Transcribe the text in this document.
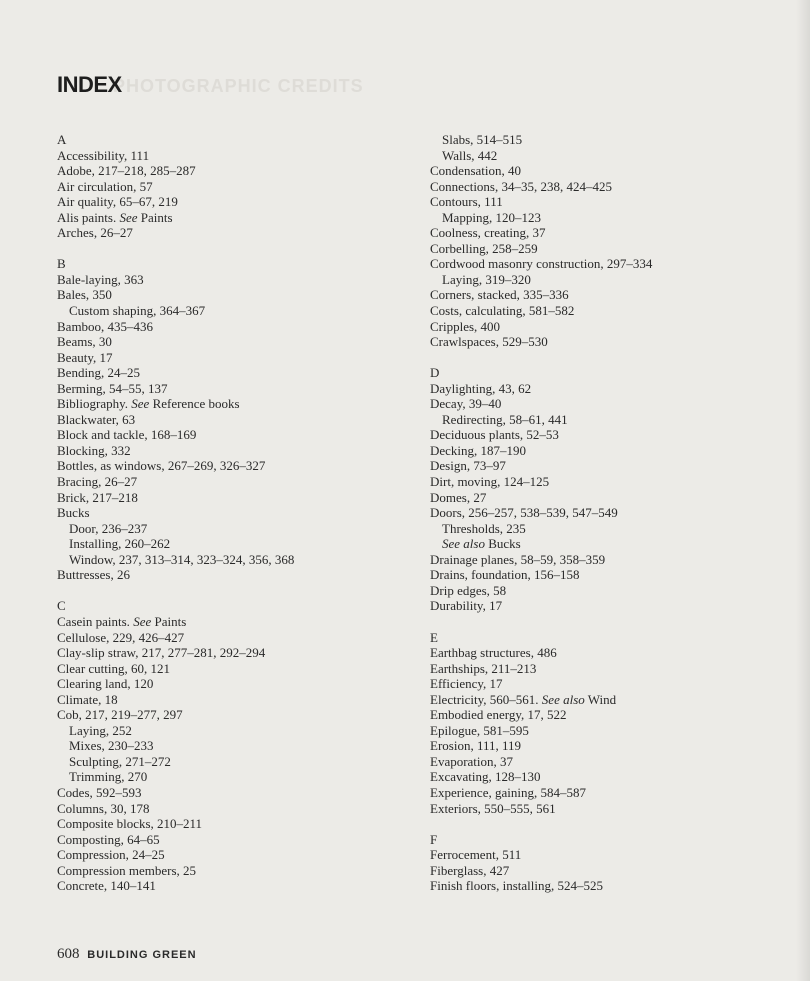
PHOTOGRAPHIC CREDITS
INDEX
A
Accessibility, 111
Adobe, 217–218, 285–287
Air circulation, 57
Air quality, 65–67, 219
Alis paints. See Paints
Arches, 26–27
B
Bale-laying, 363
Bales, 350
Custom shaping, 364–367
Bamboo, 435–436
Beams, 30
Beauty, 17
Bending, 24–25
Berming, 54–55, 137
Bibliography. See Reference books
Blackwater, 63
Block and tackle, 168–169
Blocking, 332
Bottles, as windows, 267–269, 326–327
Bracing, 26–27
Brick, 217–218
Bucks
Door, 236–237
Installing, 260–262
Window, 237, 313–314, 323–324, 356, 368
Buttresses, 26
C
Casein paints. See Paints
Cellulose, 229, 426–427
Clay-slip straw, 217, 277–281, 292–294
Clear cutting, 60, 121
Clearing land, 120
Climate, 18
Cob, 217, 219–277, 297
Laying, 252
Mixes, 230–233
Sculpting, 271–272
Trimming, 270
Codes, 592–593
Columns, 30, 178
Composite blocks, 210–211
Composting, 64–65
Compression, 24–25
Compression members, 25
Concrete, 140–141
Slabs, 514–515
Walls, 442
Condensation, 40
Connections, 34–35, 238, 424–425
Contours, 111
Mapping, 120–123
Coolness, creating, 37
Corbelling, 258–259
Cordwood masonry construction, 297–334
Laying, 319–320
Corners, stacked, 335–336
Costs, calculating, 581–582
Cripples, 400
Crawlspaces, 529–530
D
Daylighting, 43, 62
Decay, 39–40
Redirecting, 58–61, 441
Deciduous plants, 52–53
Decking, 187–190
Design, 73–97
Dirt, moving, 124–125
Domes, 27
Doors, 256–257, 538–539, 547–549
Thresholds, 235
See also Bucks
Drainage planes, 58–59, 358–359
Drains, foundation, 156–158
Drip edges, 58
Durability, 17
E
Earthbag structures, 486
Earthships, 211–213
Efficiency, 17
Electricity, 560–561. See also Wind
Embodied energy, 17, 522
Epilogue, 581–595
Erosion, 111, 119
Evaporation, 37
Excavating, 128–130
Experience, gaining, 584–587
Exteriors, 550–555, 561
F
Ferrocement, 511
Fiberglass, 427
Finish floors, installing, 524–525
608 BUILDING GREEN
